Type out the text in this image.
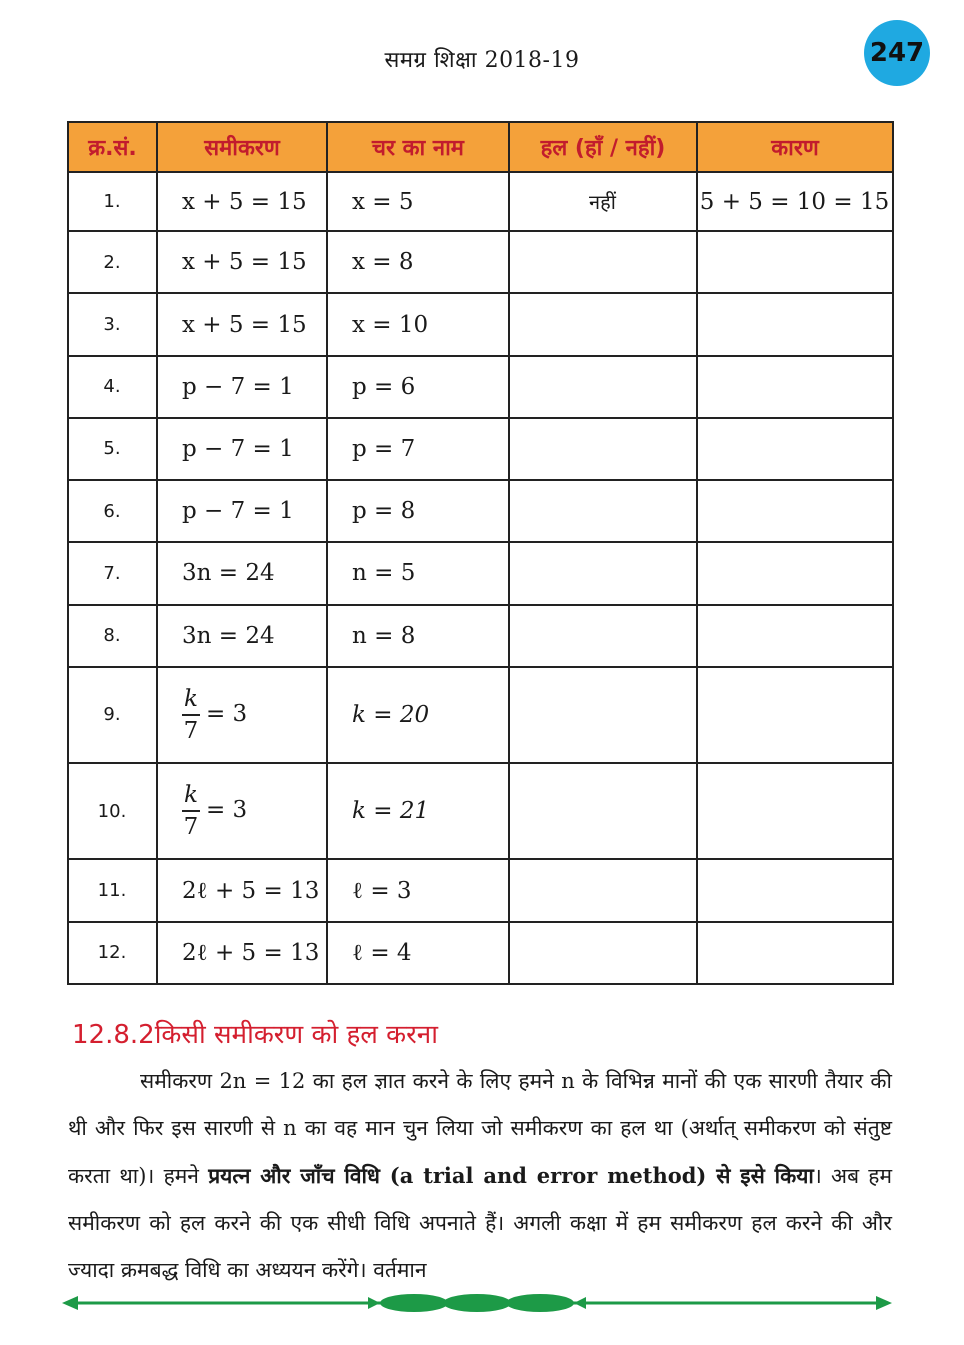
समग्र शिक्षा 2018-19	247
क्र.सं.	समीकरण	चर का नाम	हल (हाँ / नहीं)	कारण
1.	x + 5 = 15	x = 5	नहीं	5 + 5 = 10 = 15
2.	x + 5 = 15	x = 8		
3.	x + 5 = 15	x = 10		
4.	p − 7 = 1	p = 6		
5.	p − 7 = 1	p = 7		
6.	p − 7 = 1	p = 8		
7.	3n = 24	n = 5		
8.	3n = 24	n = 8		
9.	$\frac{k}{7} = 3$	k = 20		
10.	$\frac{k}{7} = 3$	k = 21		
11.	2ℓ + 5 = 13	ℓ = 3		
12.	2ℓ + 5 = 13	ℓ = 4		
12.8.2किसी समीकरण को हल करना

समीकरण 2n = 12 का हल ज्ञात करने के लिए हमने n के विभिन्न मानों की एक सारणी तैयार की थी और फिर इस सारणी से n का वह मान चुन लिया जो समीकरण का हल था (अर्थात् समीकरण को संतुष्ट करता था)। हमने प्रयत्न और जाँच विधि (a trial and error method) से इसे किया। अब हम समीकरण को हल करने की एक सीधी विधि अपनाते हैं। अगली कक्षा में हम समीकरण हल करने की और ज्यादा क्रमबद्ध विधि का अध्ययन करेंगे। वर्तमान
